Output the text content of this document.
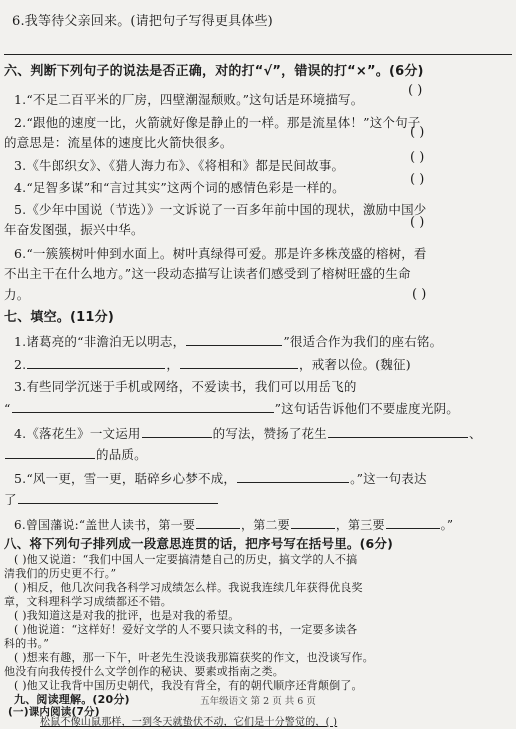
6.我等待父亲回来。(请把句子写得更具体些)
六、判断下列句子的说法是否正确，对的打“√”，错误的打“×”。(6分)
1.“不足二百平米的厂房，四壁潮湿颓败。”这句话是环境描写。
( )
2.“跟他的速度一比，火箭就好像是静止的一样。那是流星体！”这个句子
( )
的意思是：流星体的速度比火箭快很多。
3.《牛郎织女》、《猎人海力布》、《将相和》都是民间故事。
( )
4.“足智多谋”和“言过其实”这两个词的感情色彩是一样的。
( )
5.《少年中国说（节选）》一文诉说了一百多年前中国的现状，激励中国少
年奋发图强，振兴中华。	( )
6.“一簇簇树叶伸到水面上。树叶真绿得可爱。那是许多株茂盛的榕树，看
不出主干在什么地方。”这一段动态描写让读者们感受到了榕树旺盛的生命
力。	( )
七、填空。(11分)
1.诸葛亮的“非澹泊无以明志，	”很适合作为我们的座右铭。
2.	，	，戒奢以俭。(魏征)
3.有些同学沉迷于手机或网络，不爱读书，我们可以用岳飞的
“	”这句话告诉他们不要虚度光阴。
4.《落花生》一文运用	的写法，赞扬了花生	、
的品质。
5.“风一更，雪一更，聒碎乡心梦不成，	。”这一句表达
了
6.曾国藩说:“盖世人读书，第一要	，第二要	，第三要	。”
八、将下列句子排列成一段意思连贯的话，把序号写在括号里。(6分)
( )他又说道：“我们中国人一定要搞清楚自己的历史，搞文学的人不搞
清我们的历史更不行。”
( )相反，他几次问我各科学习成绩怎么样。我说我连续几年获得优良奖
章，文科理科学习成绩都还不错。
( )我知道这是对我的批评，也是对我的希望。
( )他说道：“这样好！爱好文学的人不要只读文科的书，一定要多读各
科的书。”
五年级语文 第 2 页 共 6 页
( )想来有趣，那一下午，叶老先生没谈我那篇获奖的作文，也没谈写作。
他没有向我传授什么文学创作的秘诀、要素或指南之类。
( )他又让我背中国历史朝代，我没有背全，有的朝代顺序还背颠倒了。
九、阅读理解。(20分)
(一)课内阅读(7分)
松鼠不像山鼠那样，一到冬天就蛰伏不动，它们是十分警觉的，( )
